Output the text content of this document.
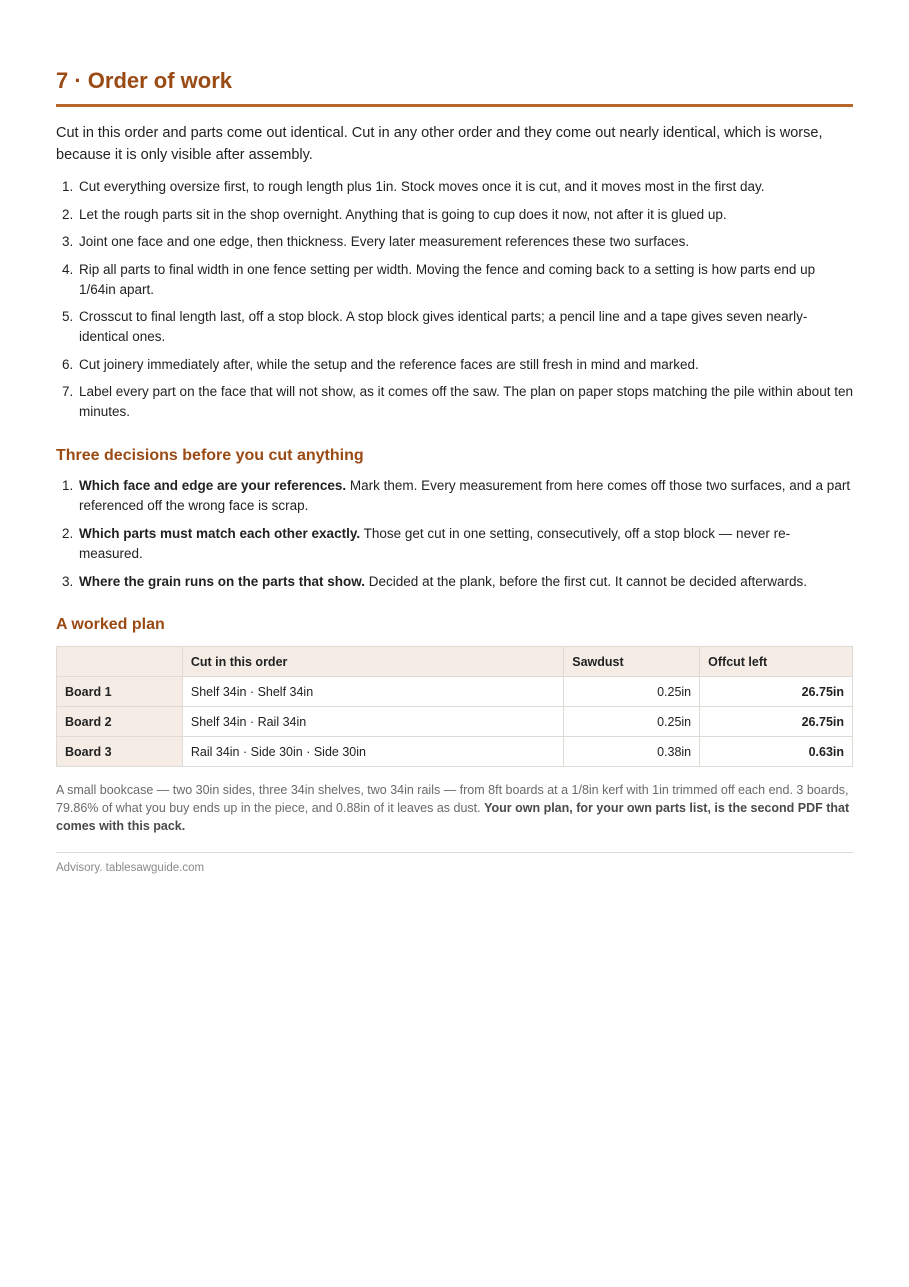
7 · Order of work

Cut in this order and parts come out identical. Cut in any other order and they come out nearly identical, which is worse, because it is only visible after assembly.

1. Cut everything oversize first, to rough length plus 1in. Stock moves once it is cut, and it moves most in the first day.
2. Let the rough parts sit in the shop overnight. Anything that is going to cup does it now, not after it is glued up.
3. Joint one face and one edge, then thickness. Every later measurement references these two surfaces.
4. Rip all parts to final width in one fence setting per width. Moving the fence and coming back to a setting is how parts end up 1/64in apart.
5. Crosscut to final length last, off a stop block. A stop block gives identical parts; a pencil line and a tape gives seven nearly-identical ones.
6. Cut joinery immediately after, while the setup and the reference faces are still fresh in mind and marked.
7. Label every part on the face that will not show, as it comes off the saw. The plan on paper stops matching the pile within about ten minutes.
Three decisions before you cut anything
1. Which face and edge are your references. Mark them. Every measurement from here comes off those two surfaces, and a part referenced off the wrong face is scrap.
2. Which parts must match each other exactly. Those get cut in one setting, consecutively, off a stop block — never re-measured.
3. Where the grain runs on the parts that show. Decided at the plank, before the first cut. It cannot be decided afterwards.
A worked plan
	Cut in this order	Sawdust	Offcut left
Board 1	Shelf 34in · Shelf 34in	0.25in	26.75in
Board 2	Shelf 34in · Rail 34in	0.25in	26.75in
Board 3	Rail 34in · Side 30in · Side 30in	0.38in	0.63in

A small bookcase — two 30in sides, three 34in shelves, two 34in rails — from 8ft boards at a 1/8in kerf with 1in trimmed off each end. 3 boards, 79.86% of what you buy ends up in the piece, and 0.88in of it leaves as dust. Your own plan, for your own parts list, is the second PDF that comes with this pack.

Advisory. tablesawguide.com
